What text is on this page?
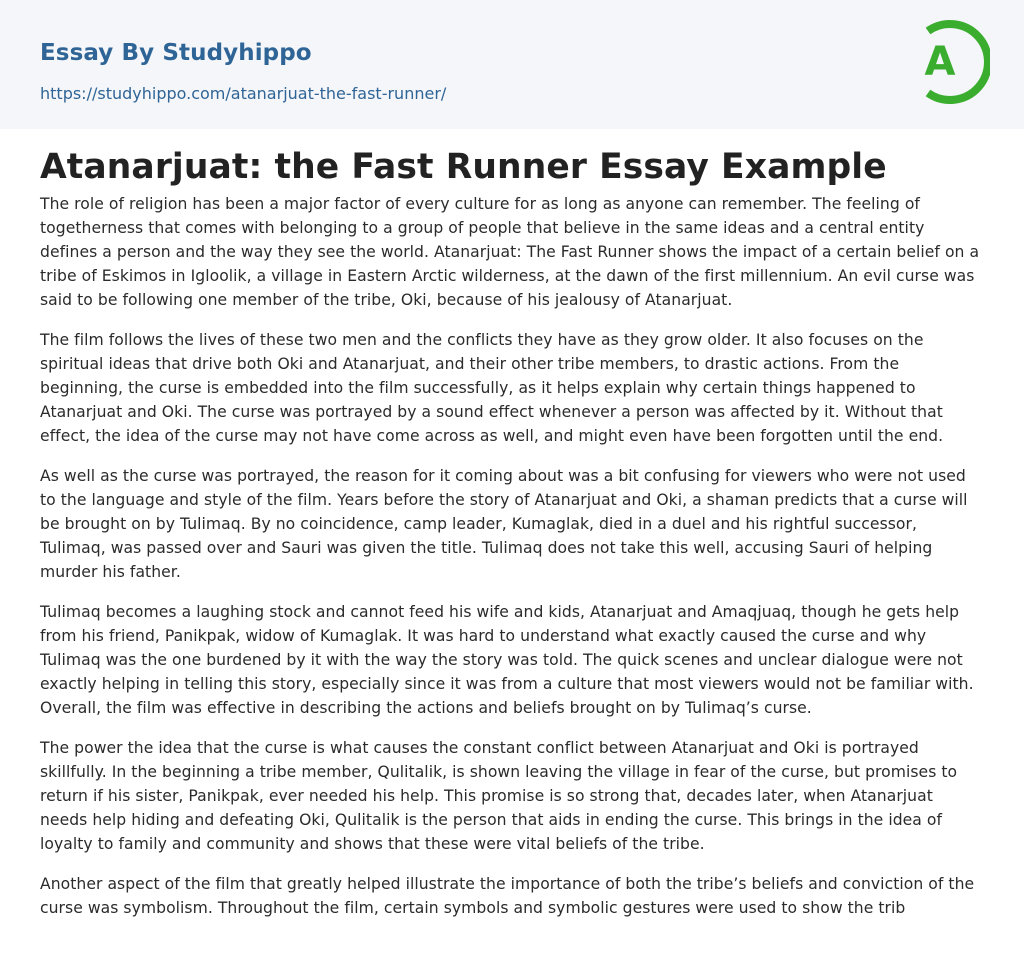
Essay By Studyhippo
https://studyhippo.com/atanarjuat-the-fast-runner/
A
Atanarjuat: the Fast Runner Essay Example

The role of religion has been a major factor of every culture for as long as anyone can remember. The feeling of togetherness that comes with belonging to a group of people that believe in the same ideas and a central entity defines a person and the way they see the world. Atanarjuat: The Fast Runner shows the impact of a certain belief on a tribe of Eskimos in Igloolik, a village in Eastern Arctic wilderness, at the dawn of the first millennium. An evil curse was said to be following one member of the tribe, Oki, because of his jealousy of Atanarjuat.

The film follows the lives of these two men and the conflicts they have as they grow older. It also focuses on the spiritual ideas that drive both Oki and Atanarjuat, and their other tribe members, to drastic actions. From the beginning, the curse is embedded into the film successfully, as it helps explain why certain things happened to Atanarjuat and Oki. The curse was portrayed by a sound effect whenever a person was affected by it. Without that effect, the idea of the curse may not have come across as well, and might even have been forgotten until the end.

As well as the curse was portrayed, the reason for it coming about was a bit confusing for viewers who were not used to the language and style of the film. Years before the story of Atanarjuat and Oki, a shaman predicts that a curse will be brought on by Tulimaq. By no coincidence, camp leader, Kumaglak, died in a duel and his rightful successor, Tulimaq, was passed over and Sauri was given the title. Tulimaq does not take this well, accusing Sauri of helping murder his father.

Tulimaq becomes a laughing stock and cannot feed his wife and kids, Atanarjuat and Amaqjuaq, though he gets help from his friend, Panikpak, widow of Kumaglak. It was hard to understand what exactly caused the curse and why Tulimaq was the one burdened by it with the way the story was told. The quick scenes and unclear dialogue were not exactly helping in telling this story, especially since it was from a culture that most viewers would not be familiar with. Overall, the film was effective in describing the actions and beliefs brought on by Tulimaq’s curse.

The power the idea that the curse is what causes the constant conflict between Atanarjuat and Oki is portrayed skillfully. In the beginning a tribe member, Qulitalik, is shown leaving the village in fear of the curse, but promises to return if his sister, Panikpak, ever needed his help. This promise is so strong that, decades later, when Atanarjuat needs help hiding and defeating Oki, Qulitalik is the person that aids in ending the curse. This brings in the idea of loyalty to family and community and shows that these were vital beliefs of the tribe.

Another aspect of the film that greatly helped illustrate the importance of both the tribe’s beliefs and conviction of the curse was symbolism. Throughout the film, certain symbols and symbolic gestures were used to show the trib
